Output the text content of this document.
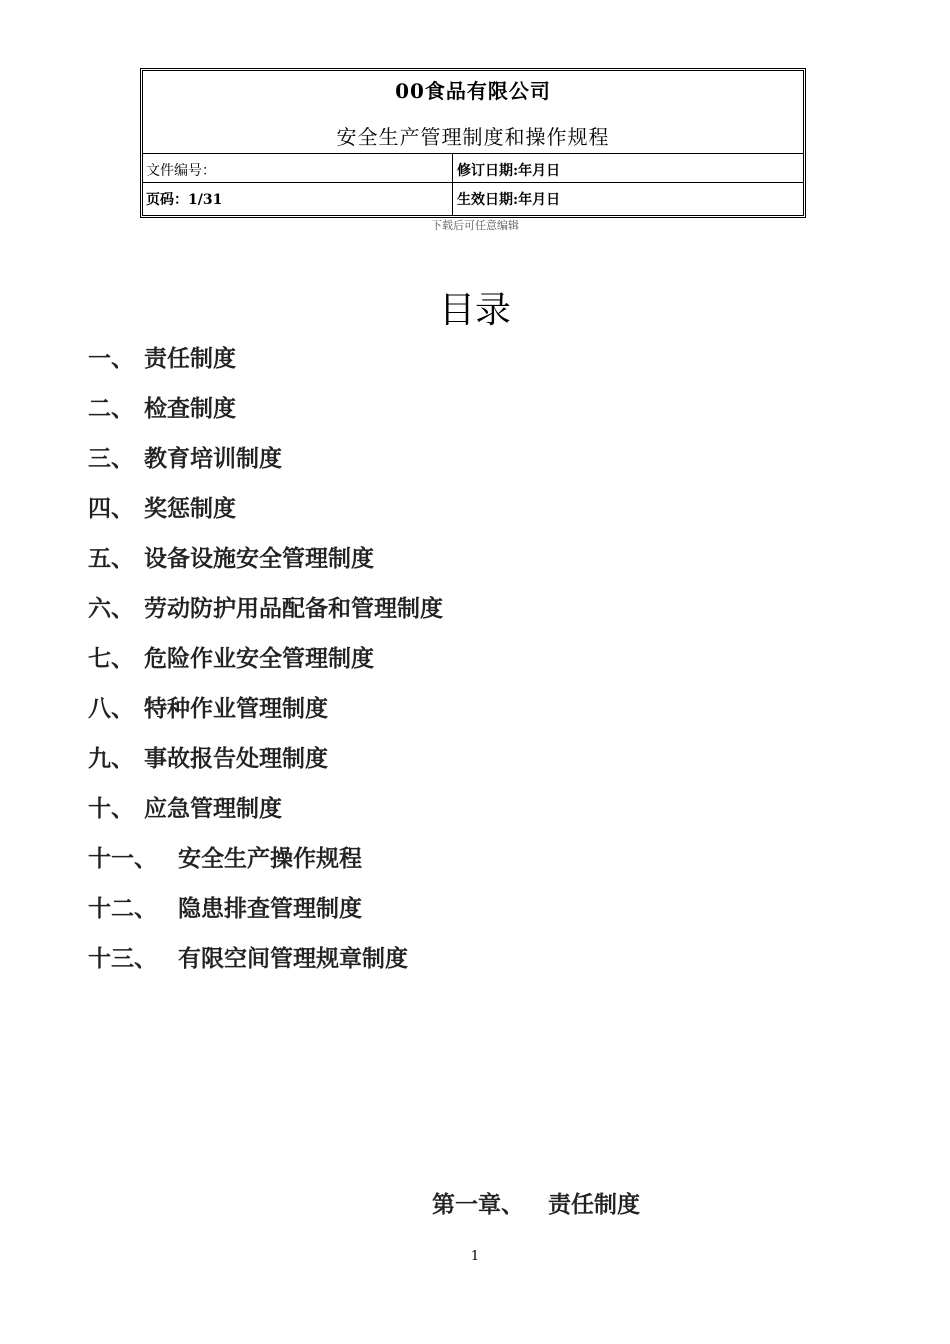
00食品有限公司
安全生产管理制度和操作规程
文件编号：	修订日期:年月日
页码：1/31	生效日期:年月日
下载后可任意编辑
目录
一、 责任制度
二、 检查制度
三、 教育培训制度
四、 奖惩制度
五、 设备设施安全管理制度
六、 劳动防护用品配备和管理制度
七、 危险作业安全管理制度
八、 特种作业管理制度
九、 事故报告处理制度
十、 应急管理制度
十一、 安全生产操作规程
十二、 隐患排查管理制度
十三、 有限空间管理规章制度
第一章、 责任制度
1
